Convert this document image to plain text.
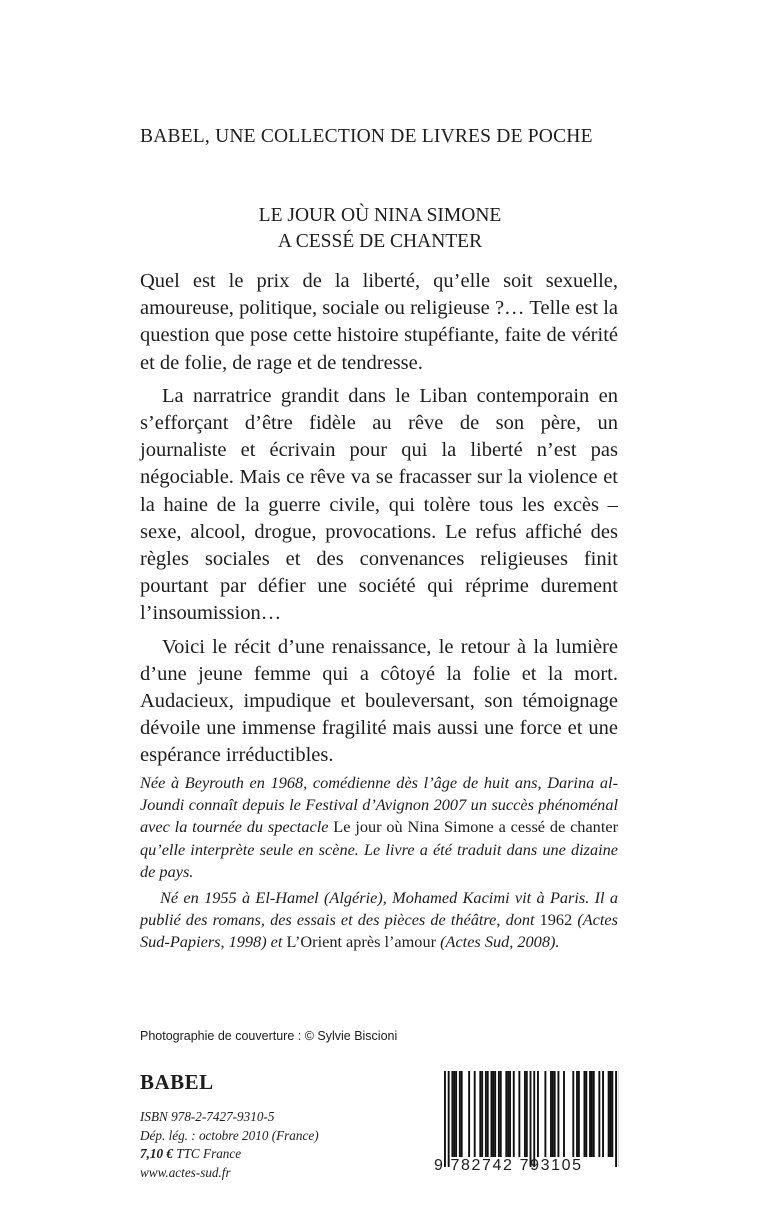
BABEL, UNE COLLECTION DE LIVRES DE POCHE
LE JOUR OÙ NINA SIMONE
A CESSÉ DE CHANTER

Quel est le prix de la liberté, qu’elle soit sexuelle, amoureuse, politique, sociale ou religieuse ?… Telle est la question que pose cette histoire stupéfiante, faite de vérité et de folie, de rage et de tendresse.

La narratrice grandit dans le Liban contemporain en s’efforçant d’être fidèle au rêve de son père, un journaliste et écrivain pour qui la liberté n’est pas négociable. Mais ce rêve va se fracasser sur la violence et la haine de la guerre civile, qui tolère tous les excès – sexe, alcool, drogue, provocations. Le refus affiché des règles sociales et des convenances religieuses finit pourtant par défier une société qui réprime durement l’insoumission…

Voici le récit d’une renaissance, le retour à la lumière d’une jeune femme qui a côtoyé la folie et la mort. Audacieux, impudique et bouleversant, son témoignage dévoile une immense fragilité mais aussi une force et une espérance irréductibles.

Née à Beyrouth en 1968, comédienne dès l’âge de huit ans, Darina al-Joundi connaît depuis le Festival d’Avignon 2007 un succès phénoménal avec la tournée du spectacle Le jour où Nina Simone a cessé de chanter qu’elle interprète seule en scène. Le livre a été traduit dans une dizaine de pays.

Né en 1955 à El-Hamel (Algérie), Mohamed Kacimi vit à Paris. Il a publié des romans, des essais et des pièces de théâtre, dont 1962 (Actes Sud-Papiers, 1998) et L’Orient après l’amour (Actes Sud, 2008).

Photographie de couverture : © Sylvie Biscioni
BABEL
ISBN 978-2-7427-9310-5
Dép. lég. : octobre 2010 (France)
7,10 € TTC France
www.actes-sud.fr	9 782742 793105
